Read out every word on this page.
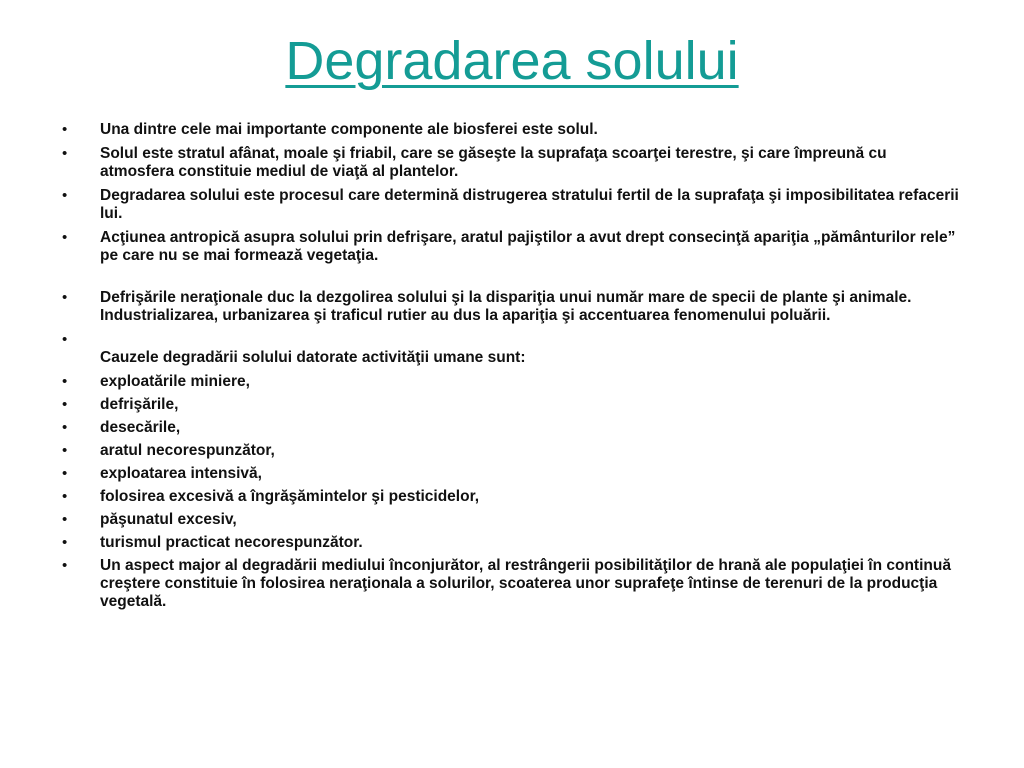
Degradarea solului
• Una dintre cele mai importante componente ale biosferei este solul.
• Solul este stratul afânat, moale şi friabil, care se găseşte la suprafaţa scoarţei terestre, şi care împreună cu atmosfera constituie mediul de viaţă al plantelor.
• Degradarea solului este procesul care determină distrugerea stratului fertil de la suprafaţa şi imposibilitatea refacerii lui.
• Acţiunea antropică asupra solului prin defrişare, aratul pajiştilor a avut drept consecinţă apariţia „pământurilor rele” pe care nu se mai formează vegetaţia.
• Defrişările neraţionale duc la dezgolirea solului şi la dispariţia unui număr mare de specii de plante şi animale. Industrializarea, urbanizarea şi traficul rutier au dus la apariţia şi accentuarea fenomenului poluării.
•

Cauzele degradării solului datorate activităţii umane sunt:
• exploatările miniere,
• defrişările,
• desecările,
• aratul necorespunzător,
• exploatarea intensivă,
• folosirea excesivă a îngrăşămintelor şi pesticidelor,
• păşunatul excesiv,
• turismul practicat necorespunzător.
• Un aspect major al degradării mediului înconjurător, al restrângerii posibilităţilor de hrană ale populaţiei în continuă creştere constituie în folosirea neraţionala a solurilor, scoaterea unor suprafeţe întinse de terenuri de la producţia vegetală.
